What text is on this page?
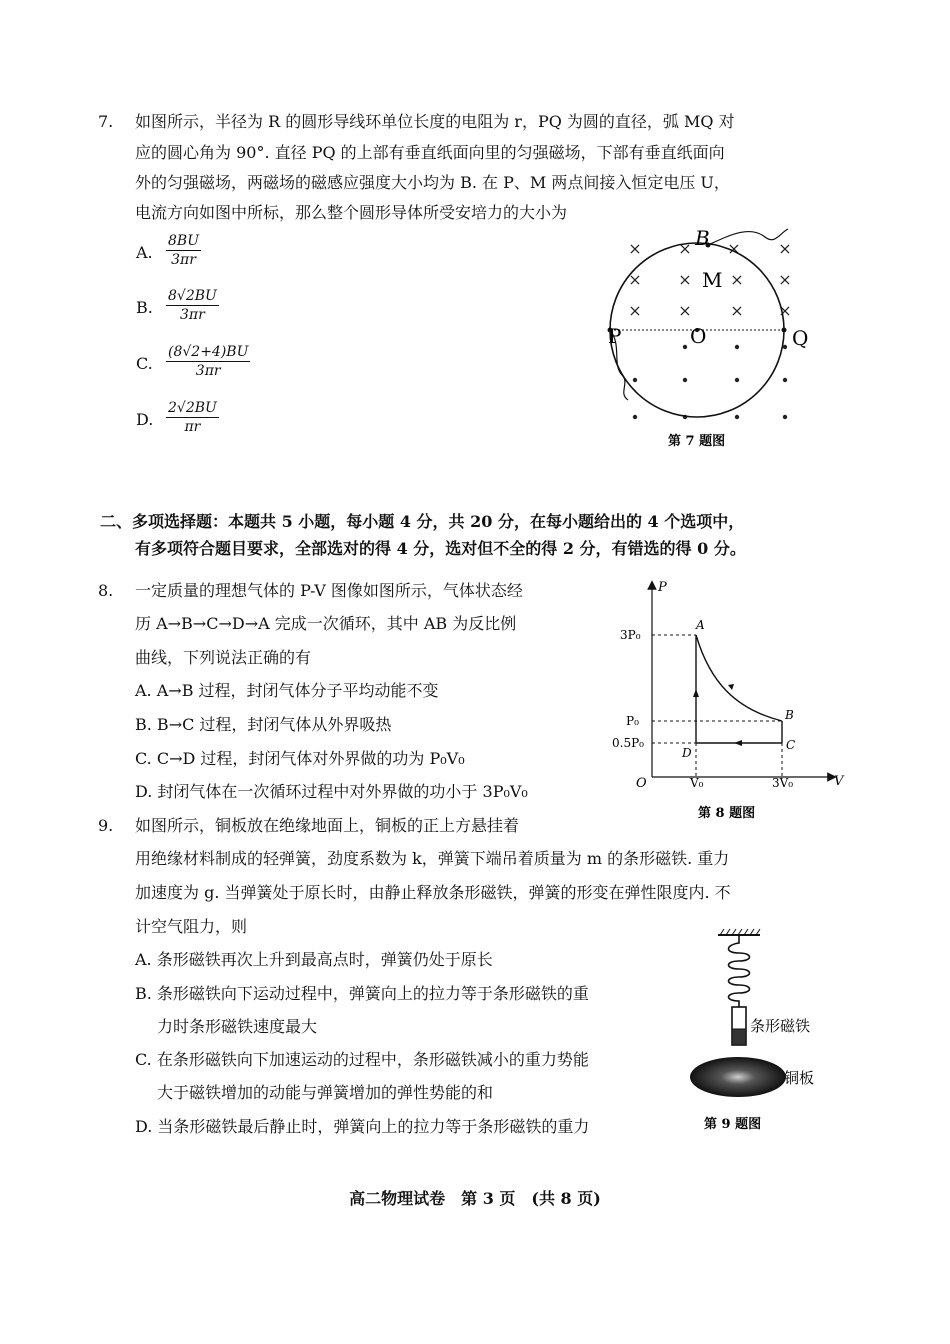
7. 如图所示，半径为 R 的圆形导线环单位长度的电阻为 r，PQ 为圆的直径，弧 MQ 对
应的圆心角为 90°. 直径 PQ 的上部有垂直纸面向里的匀强磁场，下部有垂直纸面向
外的匀强磁场，两磁场的磁感应强度大小均为 B. 在 P、M 两点间接入恒定电压 U，
电流方向如图中所标，那么整个圆形导体所受安培力的大小为
A. $\frac{8BU}{3\pi r}$
B. $\frac{8√2BU}{3\pi r}$
C. $\frac{(8√2+4)BU}{3\pi r}$
D. $\frac{2√2BU}{\pi r}$
× × × ×
× × × ×
× × × ×
B
M
O
P	Q
第 7 题图
二、多项选择题：本题共 5 小题，每小题 4 分，共 20 分，在每小题给出的 4 个选项中，
有多项符合题目要求，全部选对的得 4 分，选对但不全的得 2 分，有错选的得 0 分。
8. 一定质量的理想气体的 P-V 图像如图所示，气体状态经
历 A→B→C→D→A 完成一次循环，其中 AB 为反比例
曲线，下列说法正确的有
A. A→B 过程，封闭气体分子平均动能不变
B. B→C 过程，封闭气体从外界吸热
C. C→D 过程，封闭气体对外界做的功为 P₀V₀
D. 封闭气体在一次循环过程中对外界做的功小于 3P₀V₀
P
V
O
3P₀
P₀
0.5P₀
V₀	3V₀
A
B
C
D
第 8 题图
9. 如图所示，铜板放在绝缘地面上，铜板的正上方悬挂着
用绝缘材料制成的轻弹簧，劲度系数为 k，弹簧下端吊着质量为 m 的条形磁铁. 重力
加速度为 g. 当弹簧处于原长时，由静止释放条形磁铁，弹簧的形变在弹性限度内. 不
计空气阻力，则
A. 条形磁铁再次上升到最高点时，弹簧仍处于原长
B. 条形磁铁向下运动过程中，弹簧向上的拉力等于条形磁铁的重
力时条形磁铁速度最大
C. 在条形磁铁向下加速运动的过程中，条形磁铁减小的重力势能
大于磁铁增加的动能与弹簧增加的弹性势能的和
D. 当条形磁铁最后静止时，弹簧向上的拉力等于条形磁铁的重力
条形磁铁
铜板
第 9 题图
高二物理试卷　第 3 页　(共 8 页)
